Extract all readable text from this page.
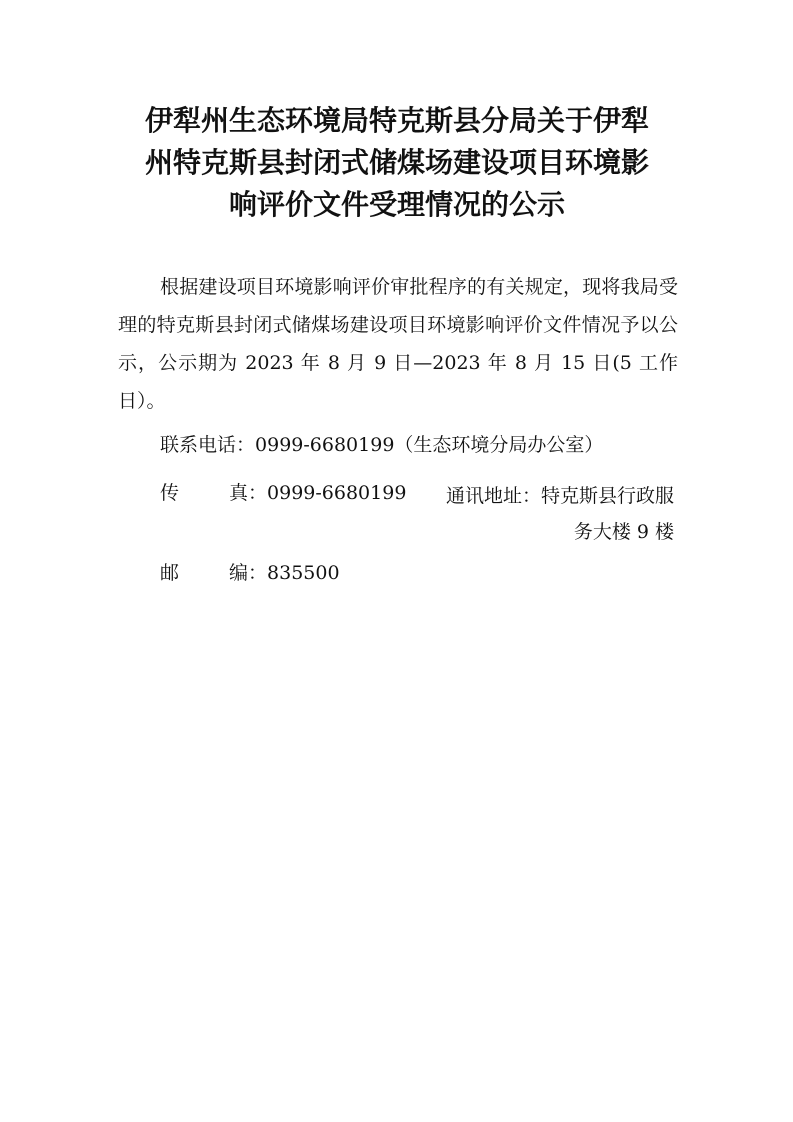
伊犁州生态环境局特克斯县分局关于伊犁
州特克斯县封闭式储煤场建设项目环境影
响评价文件受理情况的公示
根据建设项目环境影响评价审批程序的有关规定，现将我局受理的特克斯县封闭式储煤场建设项目环境影响评价文件情况予以公示，公示期为 2023 年 8 月 9 日—2023 年 8 月 15 日(5 工作日）。
联系电话：0999-6680199（生态环境分局办公室）
传　　真：0999-6680199	通讯地址：特克斯县行政服务大楼 9 楼
邮　　编：835500
